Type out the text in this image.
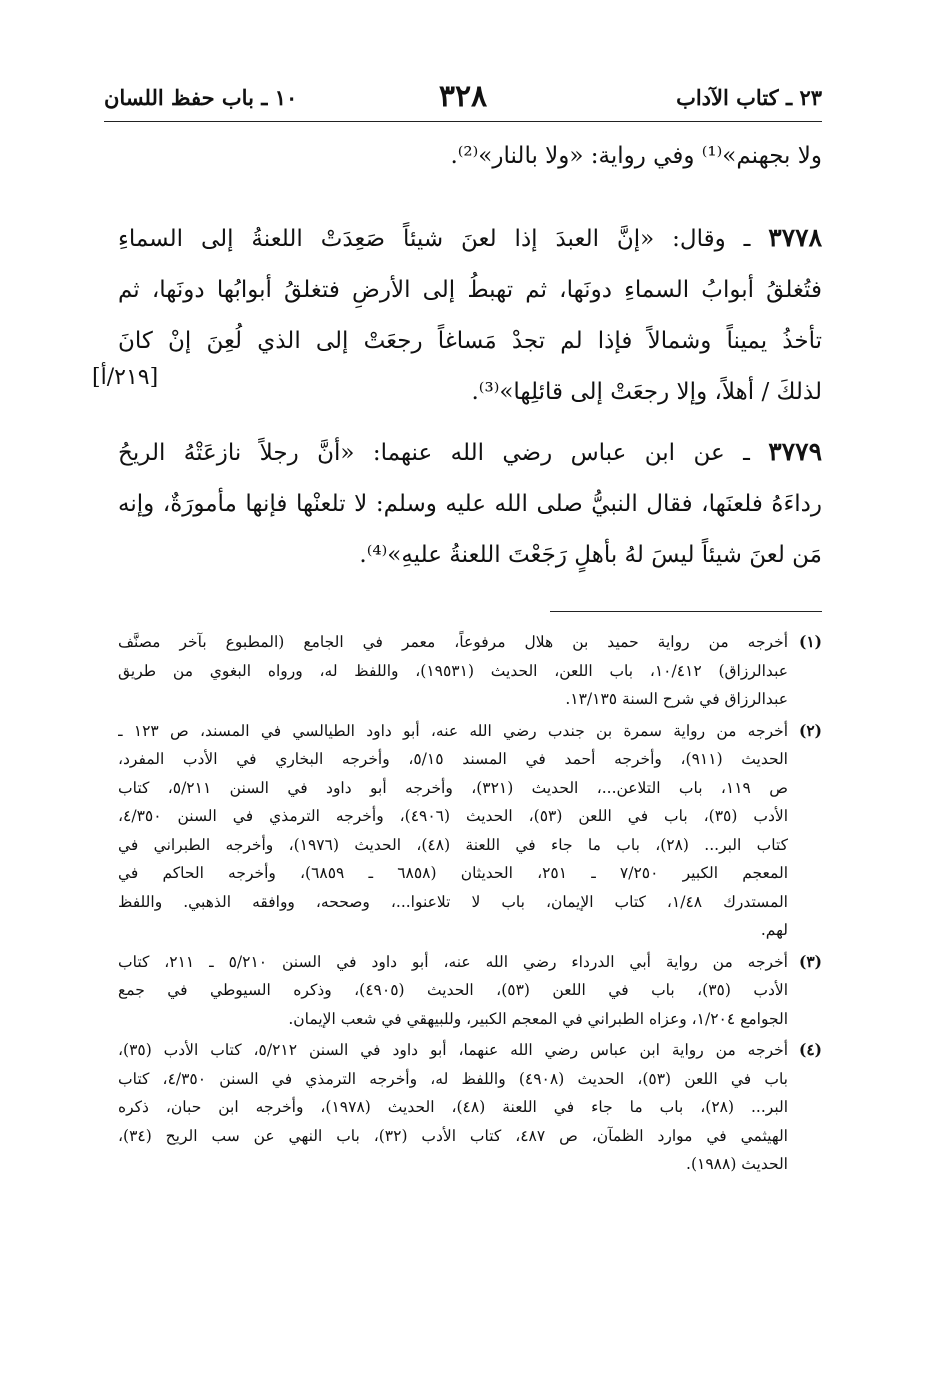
٢٣ ـ كتاب الآداب
٣٢٨
١٠ ـ باب حفظ اللسان
ولا بجهنم»⁽¹⁾ وفي رواية: «ولا بالنار»⁽²⁾.
٣٧٧٨ ـ وقال: «إنَّ العبدَ إذا لعنَ شيئاً صَعِدَتْ اللعنةُ إلى السماءِ
فتُغلقُ أبوابُ السماءِ دونَها، ثم تهبطُ إلى الأرضِ فتغلقُ أبوابُها دونَها، ثم
تأخذُ يميناً وشمالاً فإذا لم تجدْ مَساغاً رجعَتْ إلى الذي لُعِنَ إنْ كانَ
لذلكَ / أهلاً، وإلا رجعَتْ إلى قائلِها»⁽³⁾.
[٢١٩/أ]
٣٧٧٩ ـ عن ابن عباس رضي الله عنهما: «أنَّ رجلاً نازعَتْهُ الريحُ
رداءَهُ فلعنَها، فقال النبيُّ صلى الله عليه وسلم: لا تلعنْها فإنها مأمورَةٌ، وإنه
مَن لعنَ شيئاً ليسَ لهُ بأهلٍ رَجَعْتَ اللعنةُ عليهِ»⁽⁴⁾.
(١)
أخرجه من رواية حميد بن هلال مرفوعاً، معمر في الجامع (المطبوع بآخر مصنَّف
عبدالرزاق) ١٠/٤١٢، باب اللعن، الحديث (١٩٥٣١)، واللفظ له، ورواه البغوي من طريق
عبدالرزاق في شرح السنة ١٣/١٣٥.
(٢)
أخرجه من رواية سمرة بن جندب رضي الله عنه، أبو داود الطيالسي في المسند، ص ١٢٣ ـ
الحديث (٩١١)، وأخرجه أحمد في المسند ٥/١٥، وأخرجه البخاري في الأدب المفرد،
ص ١١٩، باب التلاعن...، الحديث (٣٢١)، وأخرجه أبو داود في السنن ٥/٢١١، كتاب
الأدب (٣٥)، باب في اللعن (٥٣)، الحديث (٤٩٠٦)، وأخرجه الترمذي في السنن ٤/٣٥٠،
كتاب البر... (٢٨)، باب ما جاء في اللعنة (٤٨)، الحديث (١٩٧٦)، وأخرجه الطبراني في
المعجم الكبير ٧/٢٥٠ ـ ٢٥١، الحديثان (٦٨٥٨ ـ ٦٨٥٩)، وأخرجه الحاكم في
المستدرك ١/٤٨، كتاب الإيمان، باب لا تلاعنوا...، وصححه، ووافقه الذهبي. واللفظ
لهم.
(٣)
أخرجه من رواية أبي الدرداء رضي الله عنه، أبو داود في السنن ٥/٢١٠ ـ ٢١١، كتاب
الأدب (٣٥)، باب في اللعن (٥٣)، الحديث (٤٩٠٥)، وذكره السيوطي في جمع
الجوامع ١/٢٠٤، وعزاه الطبراني في المعجم الكبير، وللبيهقي في شعب الإيمان.
(٤)
أخرجه من رواية ابن عباس رضي الله عنهما، أبو داود في السنن ٥/٢١٢، كتاب الأدب (٣٥)،
باب في اللعن (٥٣)، الحديث (٤٩٠٨) واللفظ له، وأخرجه الترمذي في السنن ٤/٣٥٠، كتاب
البر... (٢٨)، باب ما جاء في اللعنة (٤٨)، الحديث (١٩٧٨)، وأخرجه ابن حبان، ذكره
الهيثمي في موارد الظمآن، ص ٤٨٧، كتاب الأدب (٣٢)، باب النهي عن سب الريح (٣٤)،
الحديث (١٩٨٨).
